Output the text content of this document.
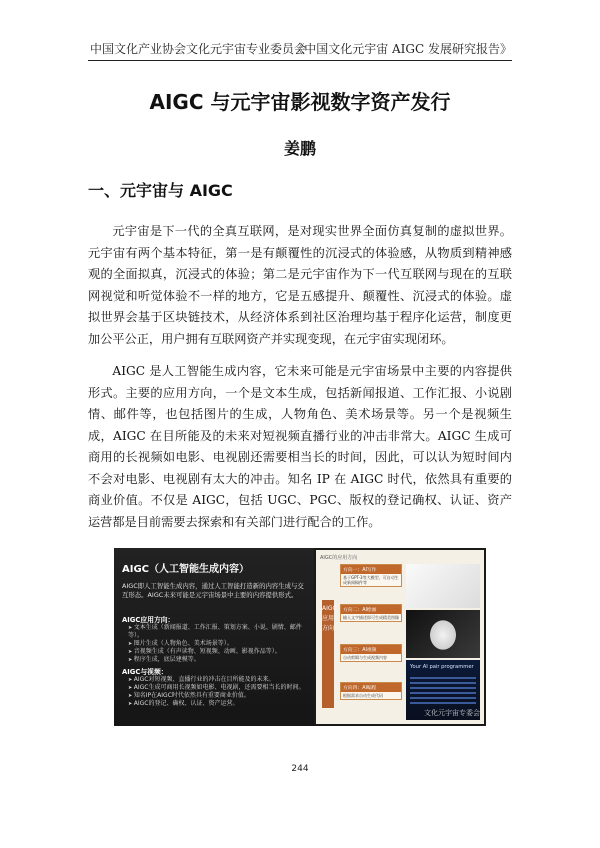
中国文化产业协会文化元宇宙专业委员会
《中国文化元宇宙 AIGC 发展研究报告》
AIGC 与元宇宙影视数字资产发行
姜鹏
一、元宇宙与 AIGC

元宇宙是下一代的全真互联网，是对现实世界全面仿真复制的虚拟世界。元宇宙有两个基本特征，第一是有颠覆性的沉浸式的体验感，从物质到精神感观的全面拟真，沉浸式的体验；第二是元宇宙作为下一代互联网与现在的互联网视觉和听觉体验不一样的地方，它是五感提升、颠覆性、沉浸式的体验。虚拟世界会基于区块链技术，从经济体系到社区治理均基于程序化运营，制度更加公平公正，用户拥有互联网资产并实现变现，在元宇宙实现闭环。

AIGC 是人工智能生成内容，它未来可能是元宇宙场景中主要的内容提供形式。主要的应用方向，一个是文本生成，包括新闻报道、工作汇报、小说剧情、邮件等，也包括图片的生成，人物角色、美术场景等。另一个是视频生成，AIGC 在目所能及的未来对短视频直播行业的冲击非常大。AIGC 生成可商用的长视频如电影、电视剧还需要相当长的时间，因此，可以认为短时间内不会对电影、电视剧有太大的冲击。知名 IP 在 AIGC 时代，依然具有重要的商业价值。不仅是 AIGC，包括 UGC、PGC、版权的登记确权、认证、资产运营都是目前需要去探索和有关部门进行配合的工作。

AIGC（人工智能生成内容）
AIGC即人工智能生成内容，通过人工智能打造新的内容生成与交互形态。AIGC未来可能是元宇宙场景中主要的内容提供形式。
AIGC应用方向：
➤ 文本生成（新闻报道、工作汇报、策划方案、小说、剧情、邮件等）。
➤ 图片生成（人物角色、美术场景等）。
➤ 音视频生成（有声读物、短视频、动画、影视作品等）。
➤ 程序生成，底层建模等。
AIGC与视频：
➤ AIGC对短视频、直播行业的冲击在目所能及的未来。
➤ AIGC生成可商用长视频如电影、电视剧，还需要相当长的时间。
➤ 知名IP在AIGC时代依然具有重要商业价值。
➤ AIGC的登记、确权、认证、资产运营。
AIGC的应用方向
AIGC应用方向
方向一：AI写作
基于GPT-3等大模型，可自动生成新闻稿件等
方向二：AI绘画
输入文字描述即可生成精美图像
方向三：AI视频
自动剪辑与生成视频内容
方向四：AI编程
根据需求自动生成代码
Your AI pair programmer
文化元宇宙专委会
244
